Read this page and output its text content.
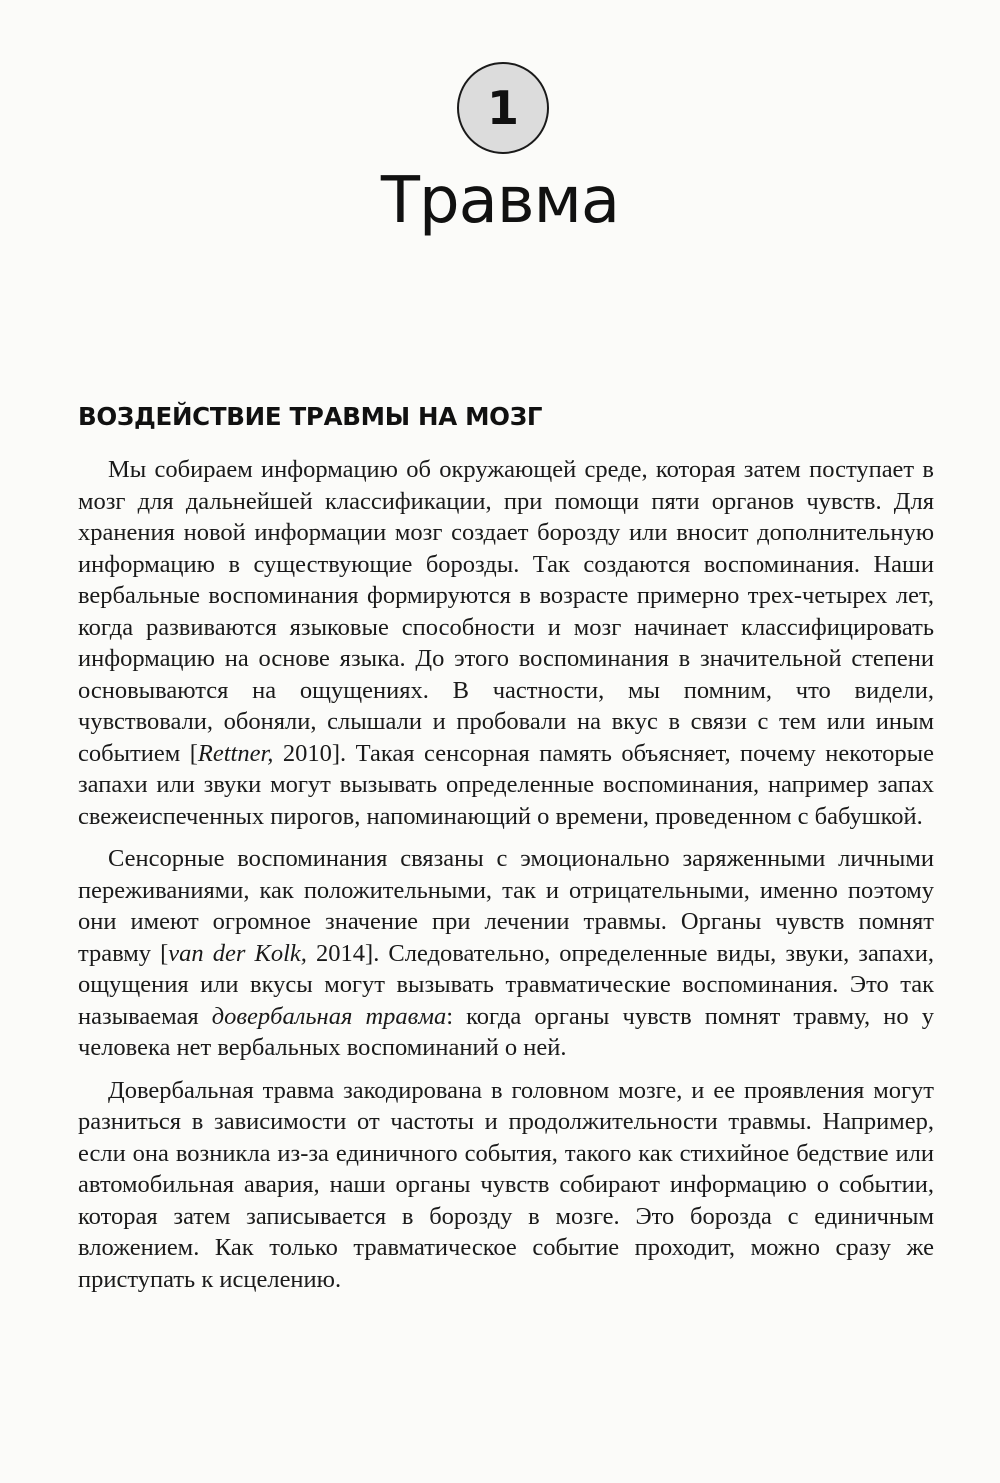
1
Травма
ВОЗДЕЙСТВИЕ ТРАВМЫ НА МОЗГ

Мы собираем информацию об окружающей среде, которая затем поступает в мозг для дальнейшей классификации, при помощи пяти органов чувств. Для хранения новой информации мозг создает борозду или вносит дополнительную информацию в существующие борозды. Так создаются воспоминания. Наши вербальные воспоминания формируются в возрасте примерно трех-четырех лет, когда развиваются языковые способности и мозг начинает классифицировать информацию на основе языка. До этого воспоминания в значительной степени основываются на ощущениях. В частности, мы помним, что видели, чувствовали, обоняли, слышали и пробовали на вкус в связи с тем или иным событием [Rettner, 2010]. Такая сенсорная память объясняет, почему некоторые запахи или звуки могут вызывать определенные воспоминания, например запах свежеиспеченных пирогов, напоминающий о времени, проведенном с бабушкой.

Сенсорные воспоминания связаны с эмоционально заряженными личными переживаниями, как положительными, так и отрицательными, именно поэтому они имеют огромное значение при лечении травмы. Органы чувств помнят травму [van der Kolk, 2014]. Следовательно, определенные виды, звуки, запахи, ощущения или вкусы могут вызывать травматические воспоминания. Это так называемая довербальная травма: когда органы чувств помнят травму, но у человека нет вербальных воспоминаний о ней.

Довербальная травма закодирована в головном мозге, и ее проявления могут разниться в зависимости от частоты и продолжительности травмы. Например, если она возникла из-за единичного события, такого как стихийное бедствие или автомобильная авария, наши органы чувств собирают информацию о событии, которая затем записывается в борозду в мозге. Это борозда с единичным вложением. Как только травматическое событие проходит, можно сразу же приступать к исцелению.
